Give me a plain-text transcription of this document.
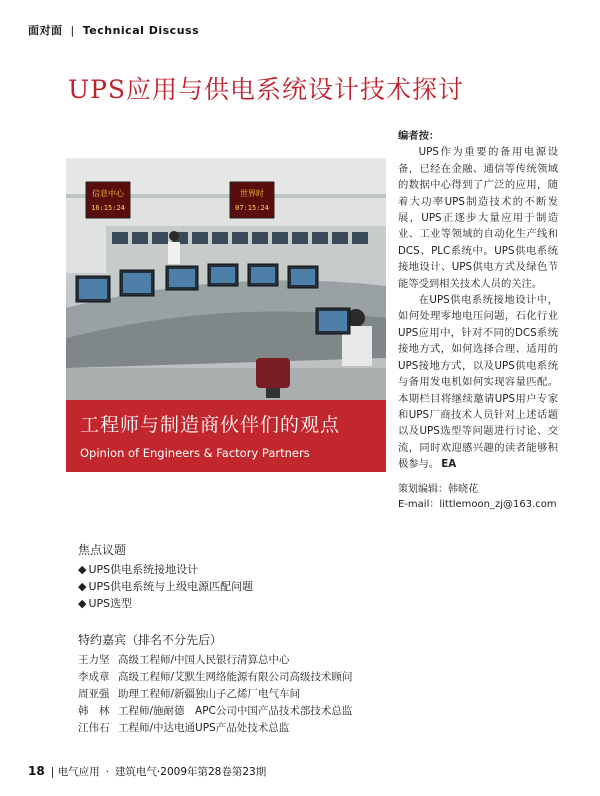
面对面 | Technical Discuss
UPS应用与供电系统设计技术探讨
信息中心
16:15:24
世界时
07:15:24
工程师与制造商伙伴们的观点
Opinion of Engineers & Factory Partners
编者按：

UPS作为重要的备用电源设备，已经在金融、通信等传统领域的数据中心得到了广泛的应用，随着大功率UPS制造技术的不断发展，UPS正逐步大量应用于制造业、工业等领域的自动化生产线和DCS、PLC系统中。UPS供电系统接地设计、UPS供电方式及绿色节能等受到相关技术人员的关注。

在UPS供电系统接地设计中，如何处理零地电压问题，石化行业UPS应用中，针对不同的DCS系统接地方式，如何选择合理、适用的UPS接地方式，以及UPS供电系统与备用发电机如何实现容量匹配。本期栏目将继续邀请UPS用户专家和UPS厂商技术人员针对上述话题以及UPS选型等问题进行讨论、交流，同时欢迎感兴趣的读者能够积极参与。 EA

策划编辑：韩晓花
E-mail：littlemoon_zj@163.com
焦点议题
◆ UPS供电系统接地设计
◆ UPS供电系统与上级电源匹配问题
◆ UPS选型
特约嘉宾（排名不分先后）
王力坚 高级工程师/中国人民银行清算总中心
李成章 高级工程师/艾默生网络能源有限公司高级技术顾问
周亚强 助理工程师/新疆独山子乙烯厂电气车间
韩　林 工程师/施耐德　APC公司中国产品技术部技术总监
江伟石 工程师/中达电通UPS产品处技术总监
18 | 电气应用 · 建筑电气·2009年第28卷第23期
